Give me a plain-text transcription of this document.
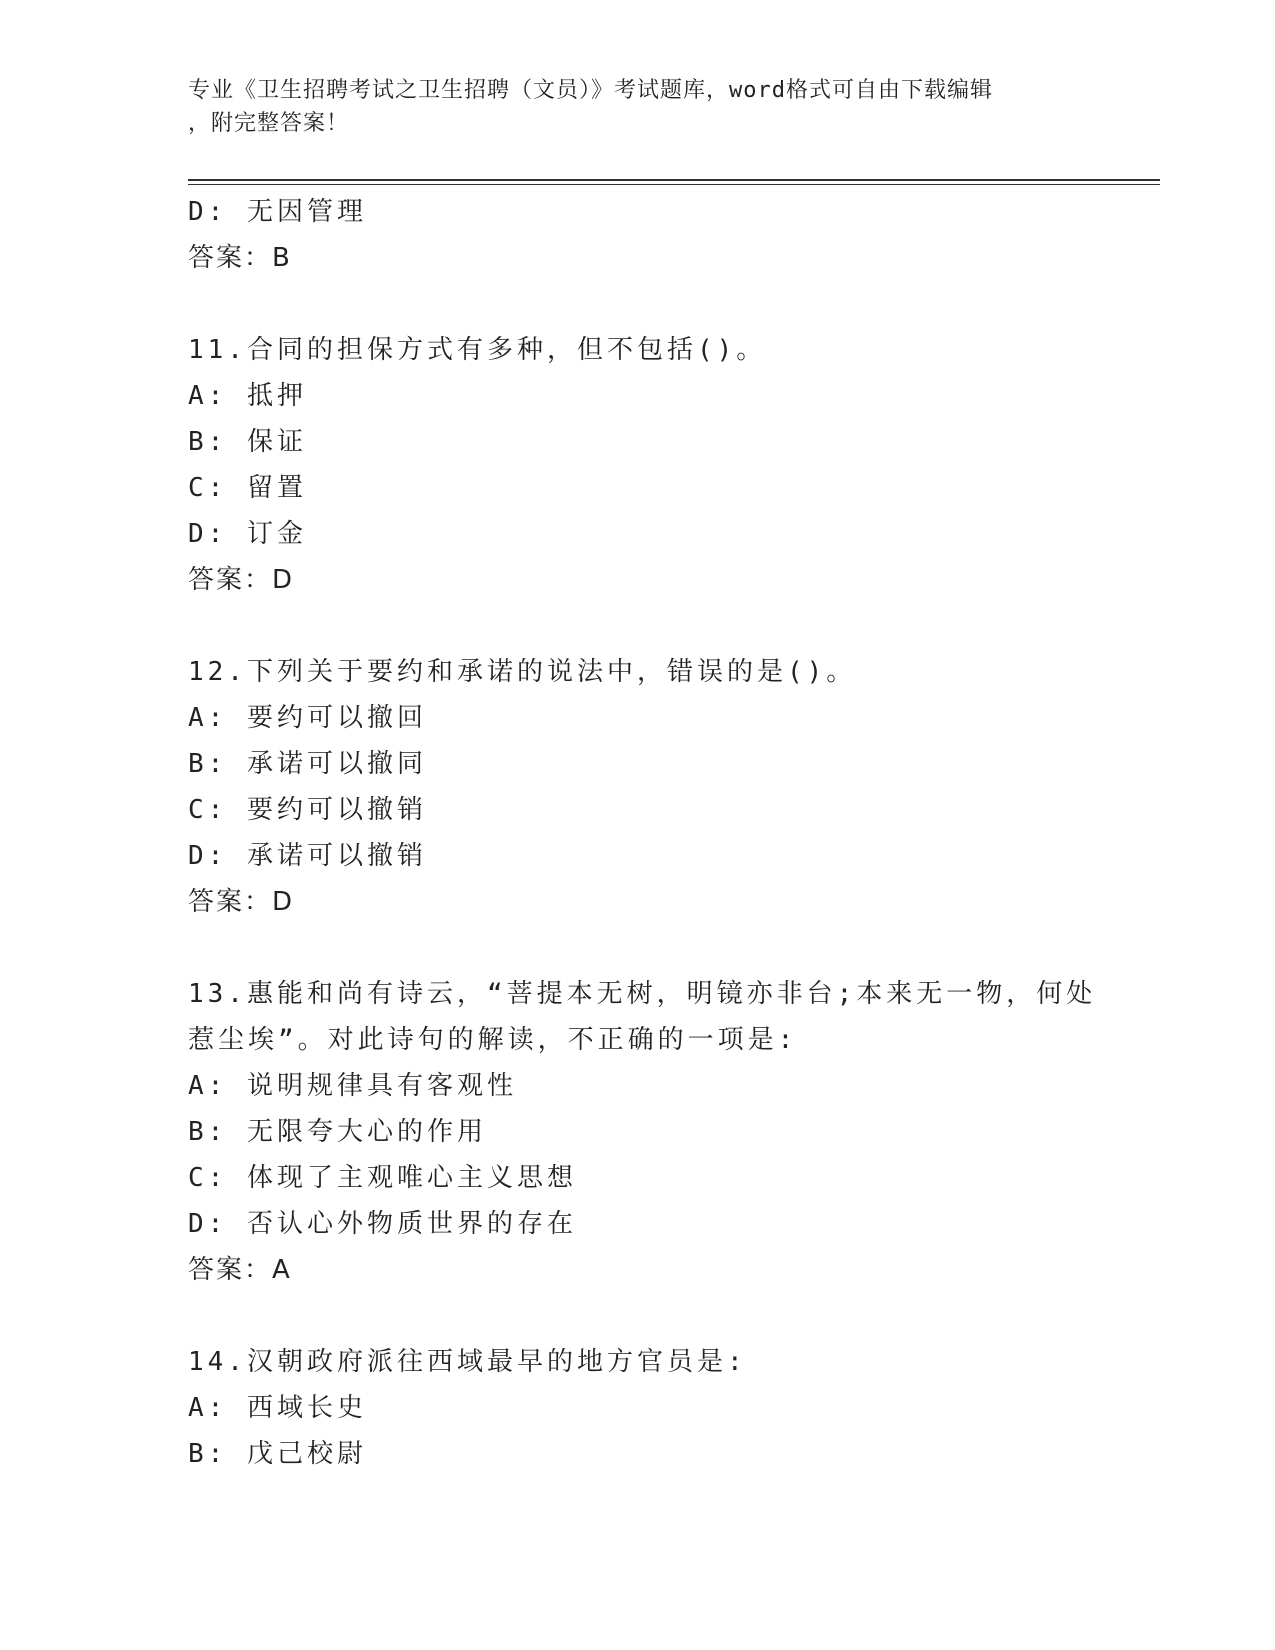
专业《卫生招聘考试之卫生招聘（文员）》考试题库，word格式可自由下载编辑
，附完整答案！
D: 无因管理
答案：B
11.合同的担保方式有多种，但不包括()。
A: 抵押
B: 保证
C: 留置
D: 订金
答案：D
12.下列关于要约和承诺的说法中，错误的是()。
A: 要约可以撤回
B: 承诺可以撤同
C: 要约可以撤销
D: 承诺可以撤销
答案：D
13.惠能和尚有诗云，“菩提本无树，明镜亦非台;本来无一物，何处
惹尘埃”。对此诗句的解读，不正确的一项是:
A: 说明规律具有客观性
B: 无限夸大心的作用
C: 体现了主观唯心主义思想
D: 否认心外物质世界的存在
答案：A
14.汉朝政府派往西域最早的地方官员是:
A: 西域长史
B: 戊己校尉
